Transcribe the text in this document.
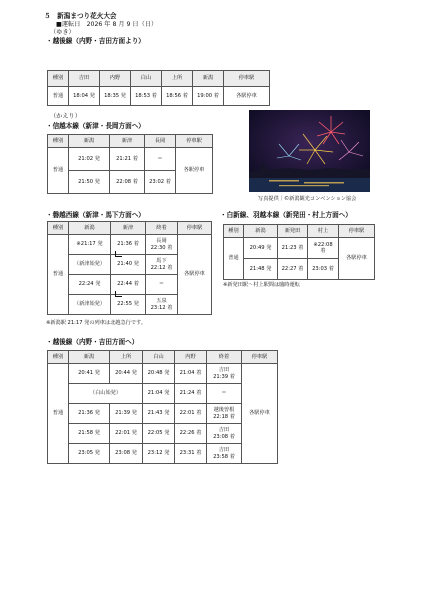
５　新潟まつり花火大会
■運転日　2026 年 8 月 9 日（日）
（ゆき）
・越後線（内野・吉田方面より）
種別	吉田	内野	白山	上所	新潟	停車駅
普通	18:04 発	18:35 発	18:53 着	18:56 着	19:00 着	各駅停車
（かえり）
・信越本線（新津・長岡方面へ）
種別	新潟	新津	長岡	停車駅
普通	21:02 発	21:21 着	＝	各駅停車
	21:50 発	22:08 着	23:02 着	
写真提供｜©新潟観光コンベンション協会
・磐越西線（新津・馬下方面へ）
種別	新潟	新津	終着	停車駅
普通	※21:17 発	21:36 着	長岡
22:30 着	各駅停車
	（新津始発）	21:40 発	馬下
22:12 着	
	22:24 発	22:44 着	＝	
	（新津始発）	22:55 発	五泉
23:12 着	
※新潟駅 21:17 発の列車は北越急行です。
・白新線、羽越本線（新発田・村上方面へ）
種別	新潟	新発田	村上	停車駅
普通	20:49 発	21:23 着	※22:08
着	各駅停車
	21:48 発	22:27 着	23:03 着	
※新発田駅～村上駅間は臨時運転
・越後線（内野・吉田方面へ）
種別	新潟	上所	白山	内野	終着	停車駅
普通	20:41 発	20:44 発	20:48 発	21:04 着	吉田
21:39 着	各駅停車
	（白山始発）		21:04 発	21:24 着	＝	
	21:36 発	21:39 発	21:43 発	22:01 着	越後曽根
22:18 着	
	21:58 発	22:01 発	22:05 発	22:26 着	吉田
23:08 着	
	23:05 発	23:08 発	23:12 発	23:31 着	吉田
23:58 着	
